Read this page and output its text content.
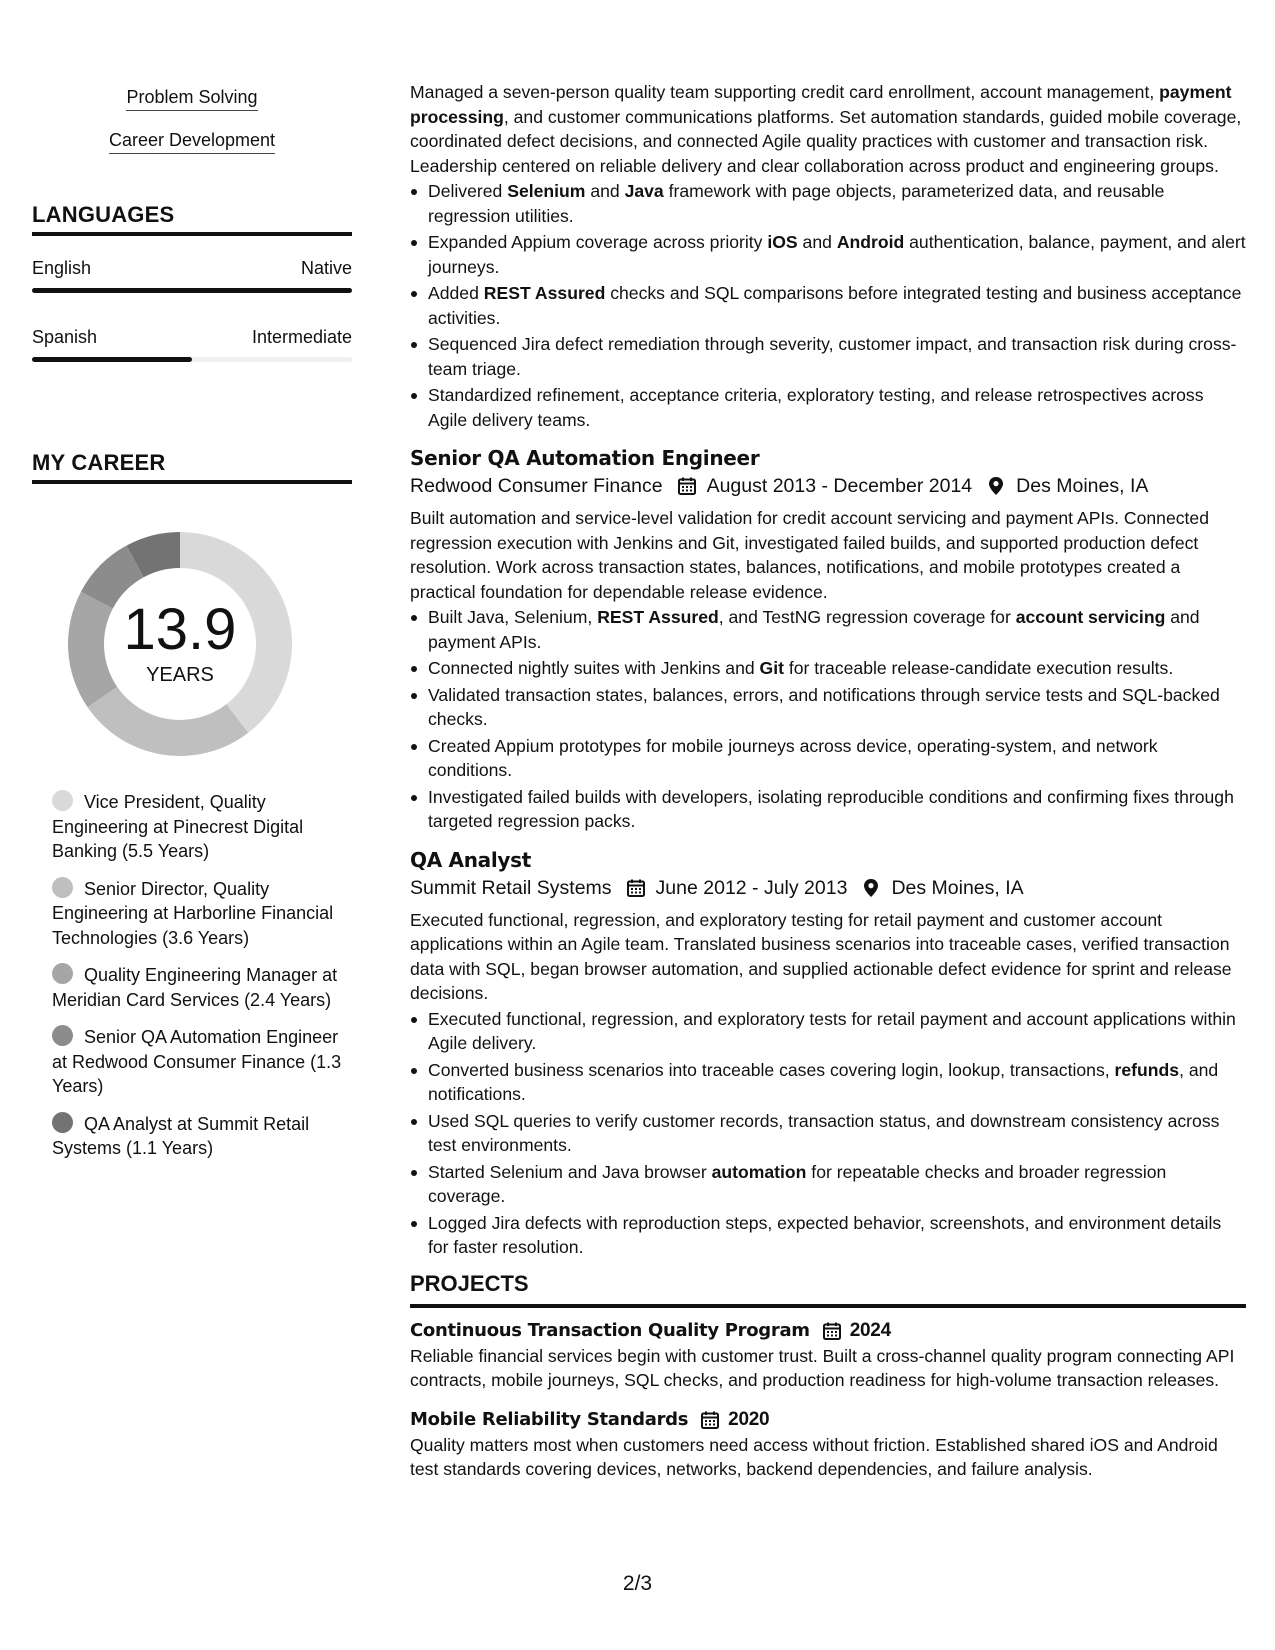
Problem Solving
Career Development
LANGUAGES
English	Native
Spanish	Intermediate
MY CAREER
13.9
YEARS
Vice President, Quality Engineering at Pinecrest Digital Banking (5.5 Years)
Senior Director, Quality Engineering at Harborline Financial Technologies (3.6 Years)
Quality Engineering Manager at Meridian Card Services (2.4 Years)
Senior QA Automation Engineer at Redwood Consumer Finance (1.3 Years)
QA Analyst at Summit Retail Systems (1.1 Years)
Managed a seven-person quality team supporting credit card enrollment, account management, payment processing, and customer communications platforms. Set automation standards, guided mobile coverage, coordinated defect decisions, and connected Agile quality practices with customer and transaction risk. Leadership centered on reliable delivery and clear collaboration across product and engineering groups.
Delivered Selenium and Java framework with page objects, parameterized data, and reusable regression utilities.
Expanded Appium coverage across priority iOS and Android authentication, balance, payment, and alert journeys.
Added REST Assured checks and SQL comparisons before integrated testing and business acceptance activities.
Sequenced Jira defect remediation through severity, customer impact, and transaction risk during cross-team triage.
Standardized refinement, acceptance criteria, exploratory testing, and release retrospectives across Agile delivery teams.
Senior QA Automation Engineer
Redwood Consumer Finance August 2013 - December 2014 Des Moines, IA
Built automation and service-level validation for credit account servicing and payment APIs. Connected regression execution with Jenkins and Git, investigated failed builds, and supported production defect resolution. Work across transaction states, balances, notifications, and mobile prototypes created a practical foundation for dependable release evidence.
Built Java, Selenium, REST Assured, and TestNG regression coverage for account servicing and payment APIs.
Connected nightly suites with Jenkins and Git for traceable release-candidate execution results.
Validated transaction states, balances, errors, and notifications through service tests and SQL-backed checks.
Created Appium prototypes for mobile journeys across device, operating-system, and network conditions.
Investigated failed builds with developers, isolating reproducible conditions and confirming fixes through targeted regression packs.
QA Analyst
Summit Retail Systems June 2012 - July 2013 Des Moines, IA
Executed functional, regression, and exploratory testing for retail payment and customer account applications within an Agile team. Translated business scenarios into traceable cases, verified transaction data with SQL, began browser automation, and supplied actionable defect evidence for sprint and release decisions.
Executed functional, regression, and exploratory tests for retail payment and account applications within Agile delivery.
Converted business scenarios into traceable cases covering login, lookup, transactions, refunds, and notifications.
Used SQL queries to verify customer records, transaction status, and downstream consistency across test environments.
Started Selenium and Java browser automation for repeatable checks and broader regression coverage.
Logged Jira defects with reproduction steps, expected behavior, screenshots, and environment details for faster resolution.
PROJECTS
Continuous Transaction Quality Program 2024
Reliable financial services begin with customer trust. Built a cross-channel quality program connecting API contracts, mobile journeys, SQL checks, and production readiness for high-volume transaction releases.
Mobile Reliability Standards 2020
Quality matters most when customers need access without friction. Established shared iOS and Android test standards covering devices, networks, backend dependencies, and failure analysis.
2/3
